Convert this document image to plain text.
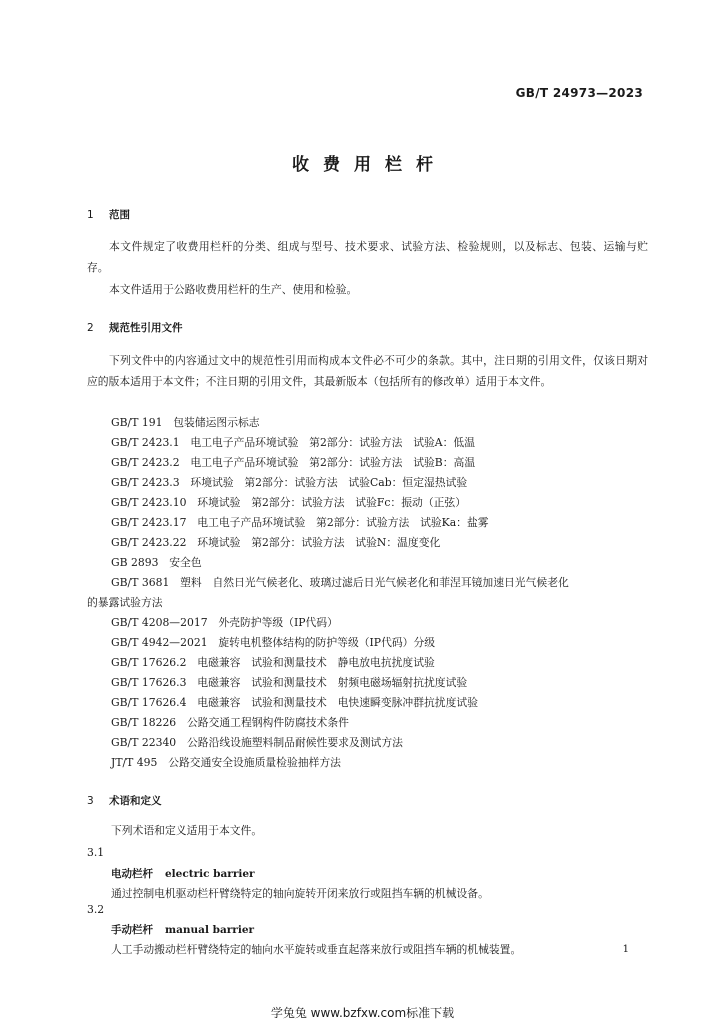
GB/T 24973—2023
收费用栏杆
1 范围
本文件规定了收费用栏杆的分类、组成与型号、技术要求、试验方法、检验规则，以及标志、包装、运输与贮存。
本文件适用于公路收费用栏杆的生产、使用和检验。
2 规范性引用文件
下列文件中的内容通过文中的规范性引用而构成本文件必不可少的条款。其中，注日期的引用文件，仅该日期对应的版本适用于本文件；不注日期的引用文件，其最新版本（包括所有的修改单）适用于本文件。
GB/T 191　包装储运图示标志
GB/T 2423.1　电工电子产品环境试验　第2部分：试验方法　试验A：低温
GB/T 2423.2　电工电子产品环境试验　第2部分：试验方法　试验B：高温
GB/T 2423.3　环境试验　第2部分：试验方法　试验Cab：恒定湿热试验
GB/T 2423.10　环境试验　第2部分：试验方法　试验Fc：振动（正弦）
GB/T 2423.17　电工电子产品环境试验　第2部分：试验方法　试验Ka：盐雾
GB/T 2423.22　环境试验　第2部分：试验方法　试验N：温度变化
GB 2893　安全色
GB/T 3681　塑料　自然日光气候老化、玻璃过滤后日光气候老化和菲涅耳镜加速日光气候老化
的暴露试验方法
GB/T 4208—2017　外壳防护等级（IP代码）
GB/T 4942—2021　旋转电机整体结构的防护等级（IP代码）分级
GB/T 17626.2　电磁兼容　试验和测量技术　静电放电抗扰度试验
GB/T 17626.3　电磁兼容　试验和测量技术　射频电磁场辐射抗扰度试验
GB/T 17626.4　电磁兼容　试验和测量技术　电快速瞬变脉冲群抗扰度试验
GB/T 18226　公路交通工程钢构件防腐技术条件
GB/T 22340　公路沿线设施塑料制品耐候性要求及测试方法
JT/T 495　公路交通安全设施质量检验抽样方法
3 术语和定义
下列术语和定义适用于本文件。
3.1
电动栏杆 electric barrier
通过控制电机驱动栏杆臂绕特定的轴向旋转开闭来放行或阻挡车辆的机械设备。
3.2
手动栏杆 manual barrier
人工手动搬动栏杆臂绕特定的轴向水平旋转或垂直起落来放行或阻挡车辆的机械装置。	1
学兔兔 www.bzfxw.com标准下载
